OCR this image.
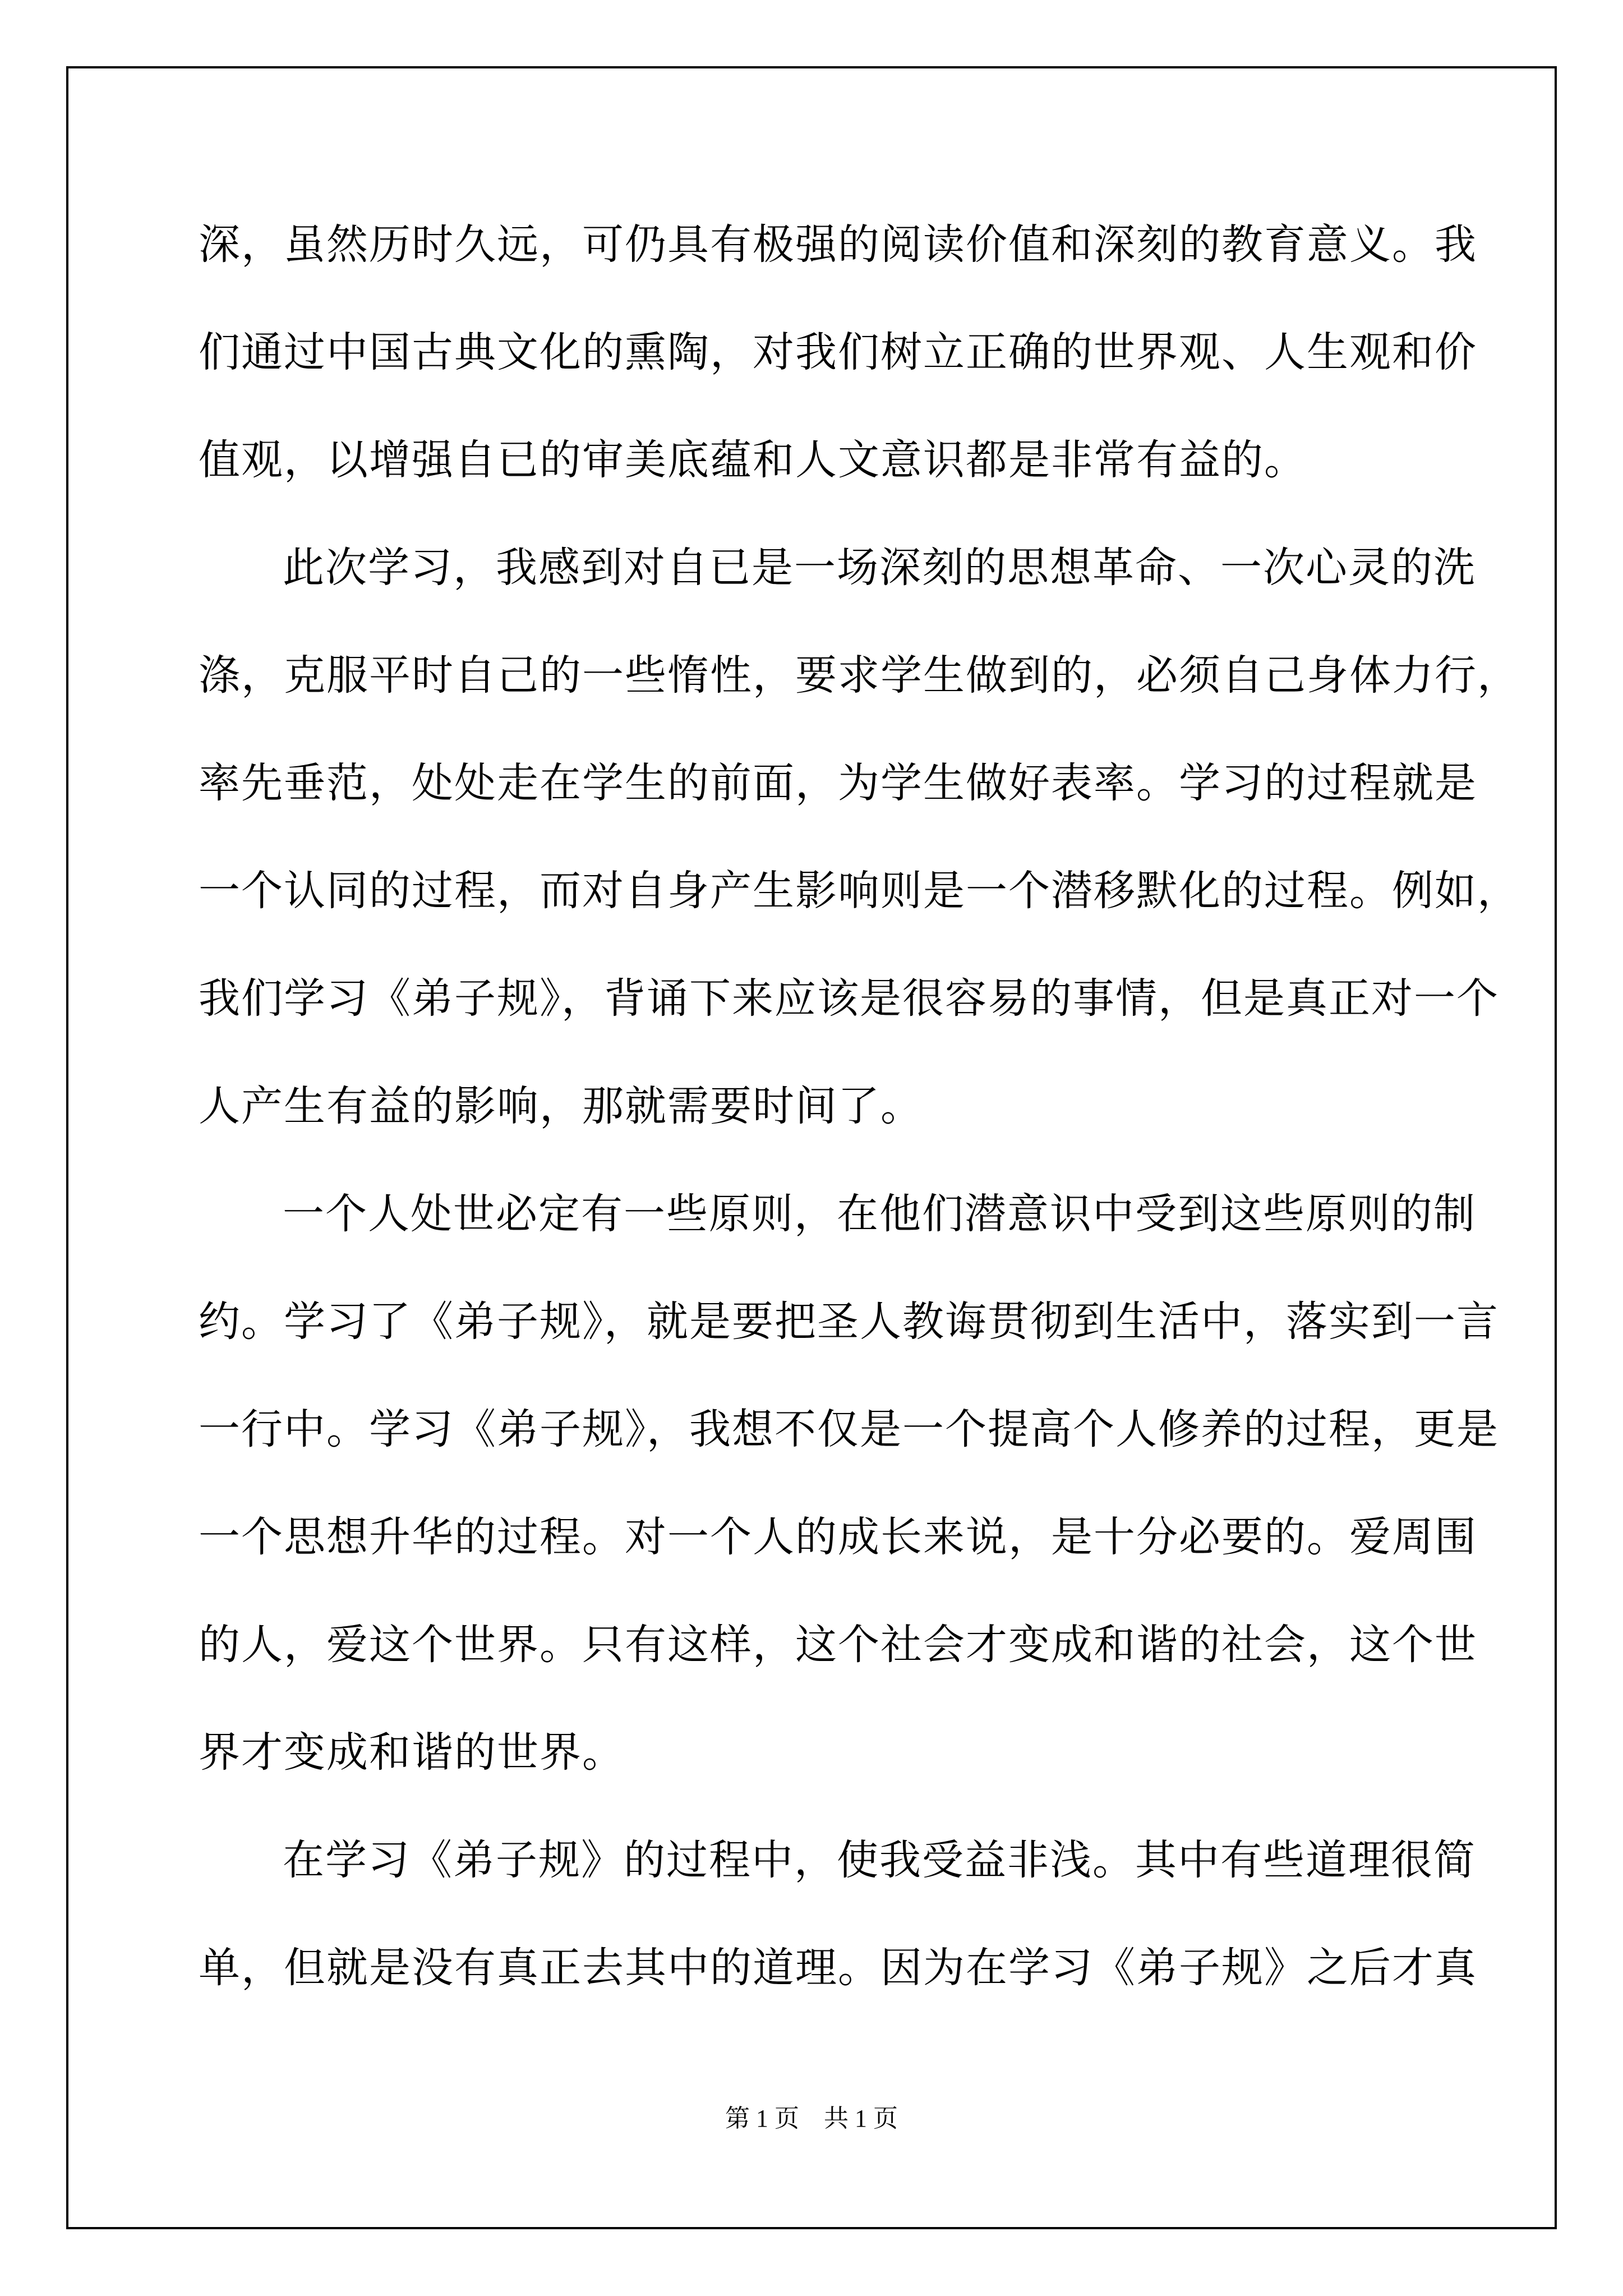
深，虽然历时久远，可仍具有极强的阅读价值和深刻的教育意义。我
们通过中国古典文化的熏陶，对我们树立正确的世界观、人生观和价
值观，以增强自已的审美底蕴和人文意识都是非常有益的。
此次学习，我感到对自已是一场深刻的思想革命、一次心灵的洗
涤，克服平时自己的一些惰性，要求学生做到的，必须自己身体力行，
率先垂范，处处走在学生的前面，为学生做好表率。学习的过程就是
一个认同的过程，而对自身产生影响则是一个潜移默化的过程。例如，
我们学习《弟子规》，背诵下来应该是很容易的事情，但是真正对一个
人产生有益的影响，那就需要时间了。
一个人处世必定有一些原则，在他们潜意识中受到这些原则的制
约。学习了《弟子规》，就是要把圣人教诲贯彻到生活中，落实到一言
一行中。学习《弟子规》，我想不仅是一个提高个人修养的过程，更是
一个思想升华的过程。对一个人的成长来说，是十分必要的。爱周围
的人，爱这个世界。只有这样，这个社会才变成和谐的社会，这个世
界才变成和谐的世界。
在学习《弟子规》的过程中，使我受益非浅。其中有些道理很简
单，但就是没有真正去其中的道理。因为在学习《弟子规》之后才真
第 1 页　共 1 页
